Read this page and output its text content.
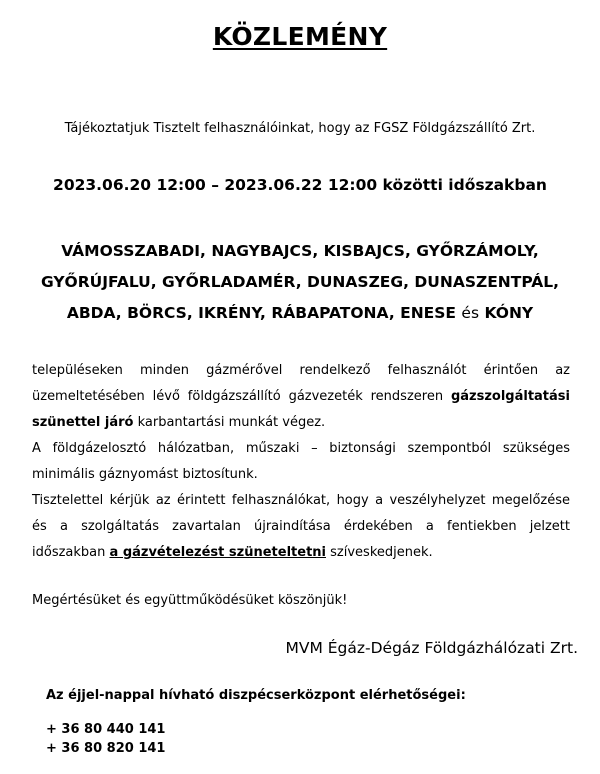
KÖZLEMÉNY
Tájékoztatjuk Tisztelt felhasználóinkat, hogy az FGSZ Földgázszállító Zrt.
2023.06.20 12:00 – 2023.06.22 12:00 közötti időszakban
VÁMOSSZABADI, NAGYBAJCS, KISBAJCS, GYŐRZÁMOLY,
GYŐRÚJFALU, GYŐRLADAMÉR, DUNASZEG, DUNASZENTPÁL,
ABDA, BÖRCS, IKRÉNY, RÁBAPATONA, ENESE és KÓNY

településeken minden gázmérővel rendelkező felhasználót érintően az üzemeltetésében lévő földgázszállító gázvezeték rendszeren gázszolgáltatási szünettel járó karbantartási munkát végez.

A földgázelosztó hálózatban, műszaki – biztonsági szempontból szükséges minimális gáznyomást biztosítunk.

Tisztelettel kérjük az érintett felhasználókat, hogy a veszélyhelyzet megelőzése és a szolgáltatás zavartalan újraindítása érdekében a fentiekben jelzett időszakban a gázvételezést szüneteltetni szíveskedjenek.

Megértésüket és együttműködésüket köszönjük!
MVM Égáz-Dégáz Földgázhálózati Zrt.
Az éjjel-nappal hívható diszpécserközpont elérhetőségei:
+ 36 80 440 141
+ 36 80 820 141
